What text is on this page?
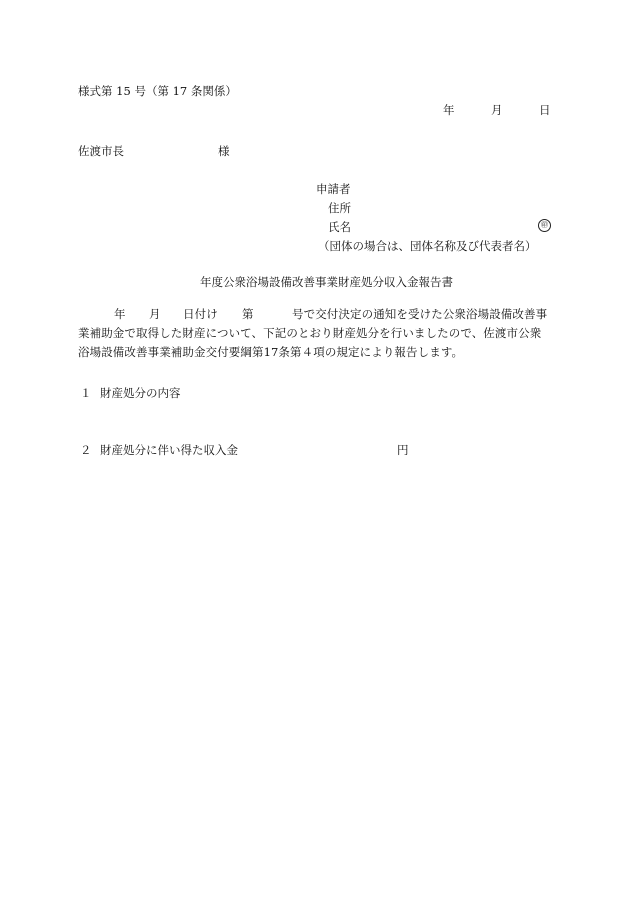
様式第 15 号（第 17 条関係）
年	月	日
佐渡市長	様
申請者
住所
氏名	㊞
（団体の場合は、団体名称及び代表者名）
年度公衆浴場設備改善事業財産処分収入金報告書
年 月 日付け 第	号で交付決定の通知を受けた公衆浴場設備改善事
業補助金で取得した財産について、下記のとおり財産処分を行いましたので、佐渡市公衆
浴場設備改善事業補助金交付要綱第17条第４項の規定により報告します。
１ 財産処分の内容
２ 財産処分に伴い得た収入金	円
